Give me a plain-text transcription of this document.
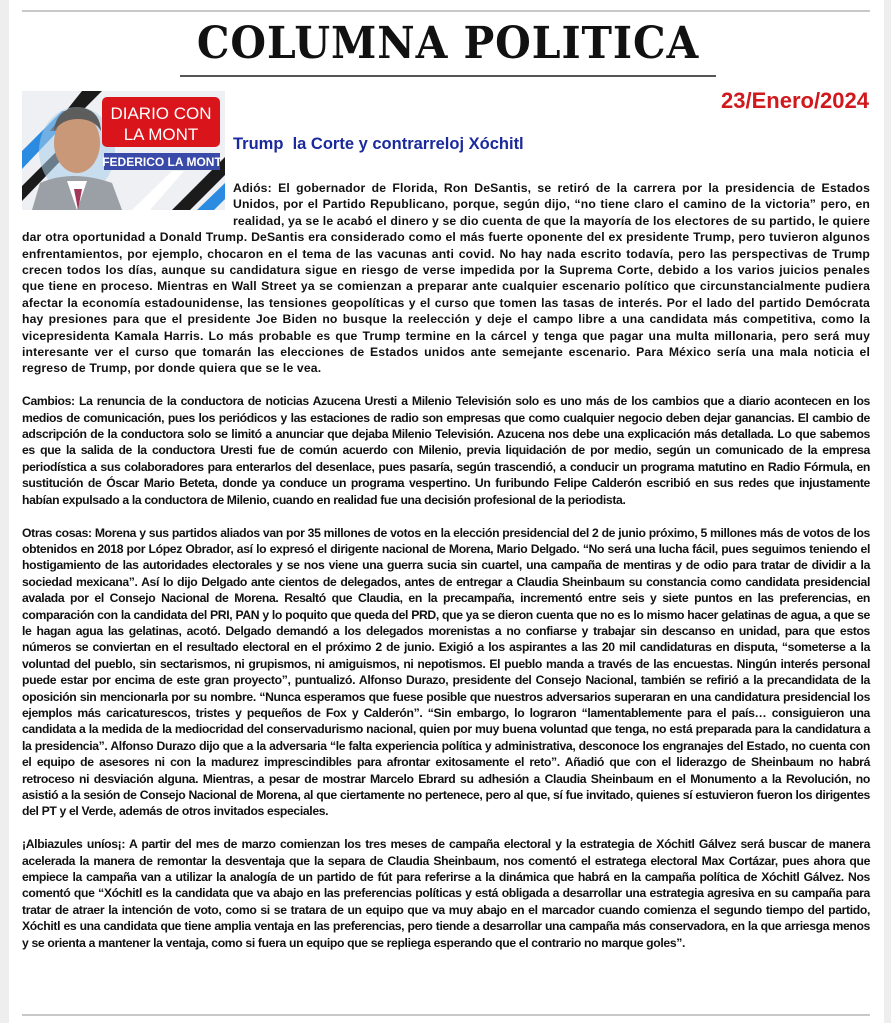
COLUMNA POLITICA
DIARIO CON
LA MONT
FEDERICO LA MONT
23/Enero/2024
Trump  la Corte y contrarreloj Xóchitl

Adiós: El gobernador de Florida, Ron DeSantis, se retiró de la carrera por la presidencia de Estados Unidos, por el Partido Republicano, porque, según dijo, “no tiene claro el camino de la victoria” pero, en realidad, ya se le acabó el dinero y se dio cuenta de que la mayoría de los electores de su partido, le quiere dar otra oportunidad a Donald Trump. DeSantis era considerado como el más fuerte oponente del ex presidente Trump, pero tuvieron algunos enfrentamientos, por ejemplo, chocaron en el tema de las vacunas anti covid. No hay nada escrito todavía, pero las perspectivas de Trump crecen todos los días, aunque su candidatura sigue en riesgo de verse impedida por la Suprema Corte, debido a los varios juicios penales que tiene en proceso. Mientras en Wall Street ya se comienzan a preparar ante cualquier escenario político que circunstancialmente pudiera afectar la economía estadounidense, las tensiones geopolíticas y el curso que tomen las tasas de interés. Por el lado del partido Demócrata hay presiones para que el presidente Joe Biden no busque la reelección y deje el campo libre a una candidata más competitiva, como la vicepresidenta Kamala Harris. Lo más probable es que Trump termine en la cárcel y tenga que pagar una multa millonaria, pero será muy interesante ver el curso que tomarán las elecciones de Estados unidos ante semejante escenario. Para México sería una mala noticia el regreso de Trump, por donde quiera que se le vea.

Cambios: La renuncia de la conductora de noticias Azucena Uresti a Milenio Televisión solo es uno más de los cambios que a diario acontecen en los medios de comunicación, pues los periódicos y las estaciones de radio son empresas que como cualquier negocio deben dejar ganancias. El cambio de adscripción de la conductora solo se limitó a anunciar que dejaba Milenio Televisión. Azucena nos debe una explicación más detallada. Lo que sabemos es que la salida de la conductora Uresti fue de común acuerdo con Milenio, previa liquidación de por medio, según un comunicado de la empresa periodística a sus colaboradores para enterarlos del desenlace, pues pasaría, según trascendió, a conducir un programa matutino en Radio Fórmula, en sustitución de Óscar Mario Beteta, donde ya conduce un programa vespertino. Un furibundo Felipe Calderón escribió en sus redes que injustamente habían expulsado a la conductora de Milenio, cuando en realidad fue una decisión profesional de la periodista.

Otras cosas: Morena y sus partidos aliados van por 35 millones de votos en la elección presidencial del 2 de junio próximo, 5 millones más de votos de los obtenidos en 2018 por López Obrador, así lo expresó el dirigente nacional de Morena, Mario Delgado. “No será una lucha fácil, pues seguimos teniendo el hostigamiento de las autoridades electorales y se nos viene una guerra sucia sin cuartel, una campaña de mentiras y de odio para tratar de dividir a la sociedad mexicana”. Así lo dijo Delgado ante cientos de delegados, antes de entregar a Claudia Sheinbaum su constancia como candidata presidencial avalada por el Consejo Nacional de Morena. Resaltó que Claudia, en la precampaña, incrementó entre seis y siete puntos en las preferencias, en comparación con la candidata del PRI, PAN y lo poquito que queda del PRD, que ya se dieron cuenta que no es lo mismo hacer gelatinas de agua, a que se le hagan agua las gelatinas, acotó. Delgado demandó a los delegados morenistas a no confiarse y trabajar sin descanso en unidad, para que estos números se conviertan en el resultado electoral en el próximo 2 de junio. Exigió a los aspirantes a las 20 mil candidaturas en disputa, “someterse a la voluntad del pueblo, sin sectarismos, ni grupismos, ni amiguismos, ni nepotismos. El pueblo manda a través de las encuestas. Ningún interés personal puede estar por encima de este gran proyecto”, puntualizó. Alfonso Durazo, presidente del Consejo Nacional, también se refirió a la precandidata de la oposición sin mencionarla por su nombre. “Nunca esperamos que fuese posible que nuestros adversarios superaran en una candidatura presidencial los ejemplos más caricaturescos, tristes y pequeños de Fox y Calderón”. “Sin embargo, lo lograron “lamentablemente para el país… consiguieron una candidata a la medida de la mediocridad del conservadurismo nacional, quien por muy buena voluntad que tenga, no está preparada para la candidatura a la presidencia”. Alfonso Durazo dijo que a la adversaria “le falta experiencia política y administrativa, desconoce los engranajes del Estado, no cuenta con el equipo de asesores ni con la madurez imprescindibles para afrontar exitosamente el reto”. Añadió que con el liderazgo de Sheinbaum no habrá retroceso ni desviación alguna. Mientras, a pesar de mostrar Marcelo Ebrard su adhesión a Claudia Sheinbaum en el Monumento a la Revolución, no asistió a la sesión de Consejo Nacional de Morena, al que ciertamente no pertenece, pero al que, sí fue invitado, quienes sí estuvieron fueron los dirigentes del PT y el Verde, además de otros invitados especiales.

¡Albiazules uníos¡: A partir del mes de marzo comienzan los tres meses de campaña electoral y la estrategia de Xóchitl Gálvez será buscar de manera acelerada la manera de remontar la desventaja que la separa de Claudia Sheinbaum, nos comentó el estratega electoral Max Cortázar, pues ahora que empiece la campaña van a utilizar la analogía de un partido de fút para referirse a la dinámica que habrá en la campaña política de Xóchitl Gálvez. Nos comentó que “Xóchitl es la candidata que va abajo en las preferencias políticas y está obligada a desarrollar una estrategia agresiva en su campaña para tratar de atraer la intención de voto, como si se tratara de un equipo que va muy abajo en el marcador cuando comienza el segundo tiempo del partido, Xóchitl es una candidata que tiene amplia ventaja en las preferencias, pero tiende a desarrollar una campaña más conservadora, en la que arriesga menos y se orienta a mantener la ventaja, como si fuera un equipo que se repliega esperando que el contrario no marque goles”.
